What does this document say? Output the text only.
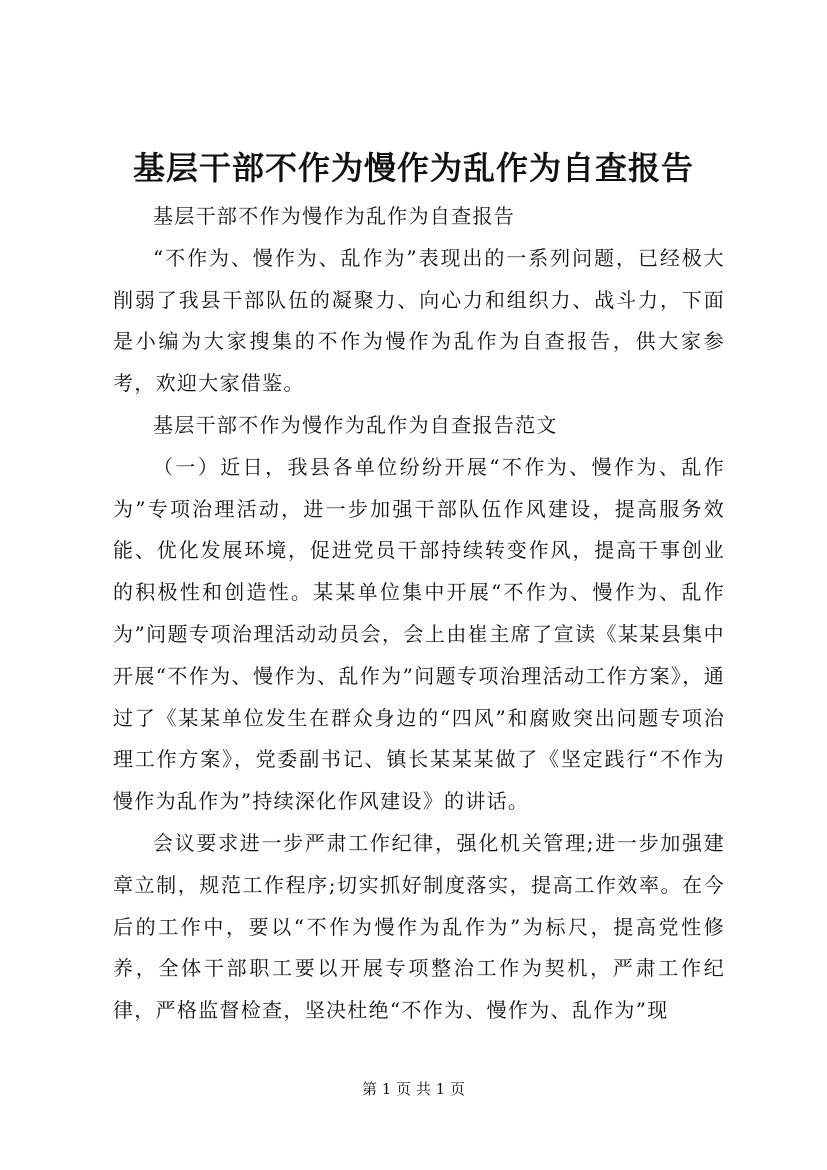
基层干部不作为慢作为乱作为自查报告

基层干部不作为慢作为乱作为自查报告

“不作为、慢作为、乱作为”表现出的一系列问题，已经极大削弱了我县干部队伍的凝聚力、向心力和组织力、战斗力，下面是小编为大家搜集的不作为慢作为乱作为自查报告，供大家参考，欢迎大家借鉴。

基层干部不作为慢作为乱作为自查报告范文

（一）近日，我县各单位纷纷开展“不作为、慢作为、乱作为”专项治理活动，进一步加强干部队伍作风建设，提高服务效能、优化发展环境，促进党员干部持续转变作风，提高干事创业的积极性和创造性。某某单位集中开展“不作为、慢作为、乱作为”问题专项治理活动动员会，会上由崔主席了宣读《某某县集中开展“不作为、慢作为、乱作为”问题专项治理活动工作方案》，通过了《某某单位发生在群众身边的“四风”和腐败突出问题专项治理工作方案》，党委副书记、镇长某某某做了《坚定践行“不作为慢作为乱作为”持续深化作风建设》的讲话。

会议要求进一步严肃工作纪律，强化机关管理;进一步加强建章立制，规范工作程序;切实抓好制度落实，提高工作效率。在今后的工作中，要以“不作为慢作为乱作为”为标尺，提高党性修养，全体干部职工要以开展专项整治工作为契机，严肃工作纪律，严格监督检查，坚决杜绝“不作为、慢作为、乱作为”现

第 1 页 共 1 页
